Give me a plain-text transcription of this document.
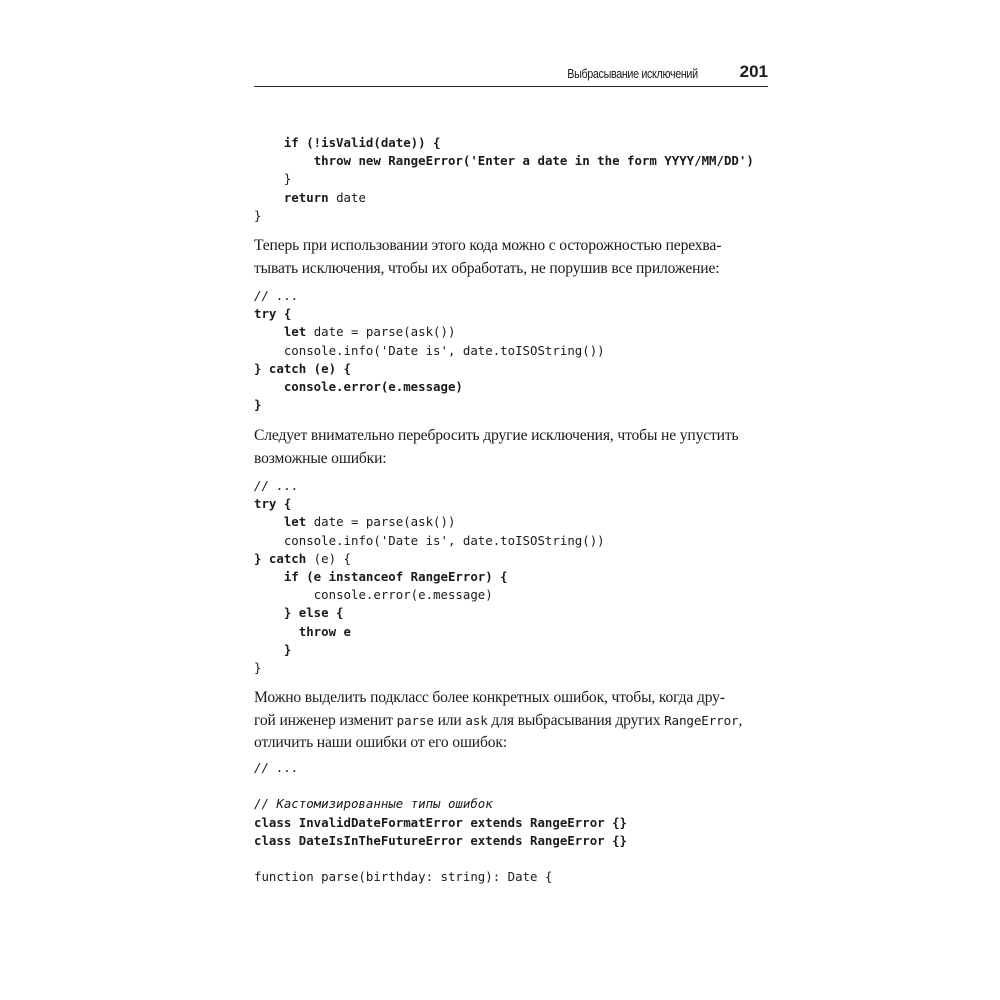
Выбрасывание исключений 201
if (!isValid(date)) {
throw new RangeError('Enter a date in the form YYYY/MM/DD')
}
return date
}
Теперь при использовании этого кода можно с осторожностью перехва-
тывать исключения, чтобы их обработать, не порушив все приложение:
// ...
try {
let date = parse(ask())
console.info('Date is', date.toISOString())
} catch (e) {
console.error(e.message)
}
Следует внимательно перебросить другие исключения, чтобы не упустить
возможные ошибки:
// ...
try {
let date = parse(ask())
console.info('Date is', date.toISOString())
} catch (e) {
if (e instanceof RangeError) {
console.error(e.message)
} else {
throw e
}
}
Можно выделить подкласс более конкретных ошибок, чтобы, когда дру-
гой инженер изменит parse или ask для выбрасывания других RangeError,
отличить наши ошибки от его ошибок:
// ...

// Кастомизированные типы ошибок
class InvalidDateFormatError extends RangeError {}
class DateIsInTheFutureError extends RangeError {}

function parse(birthday: string): Date {
